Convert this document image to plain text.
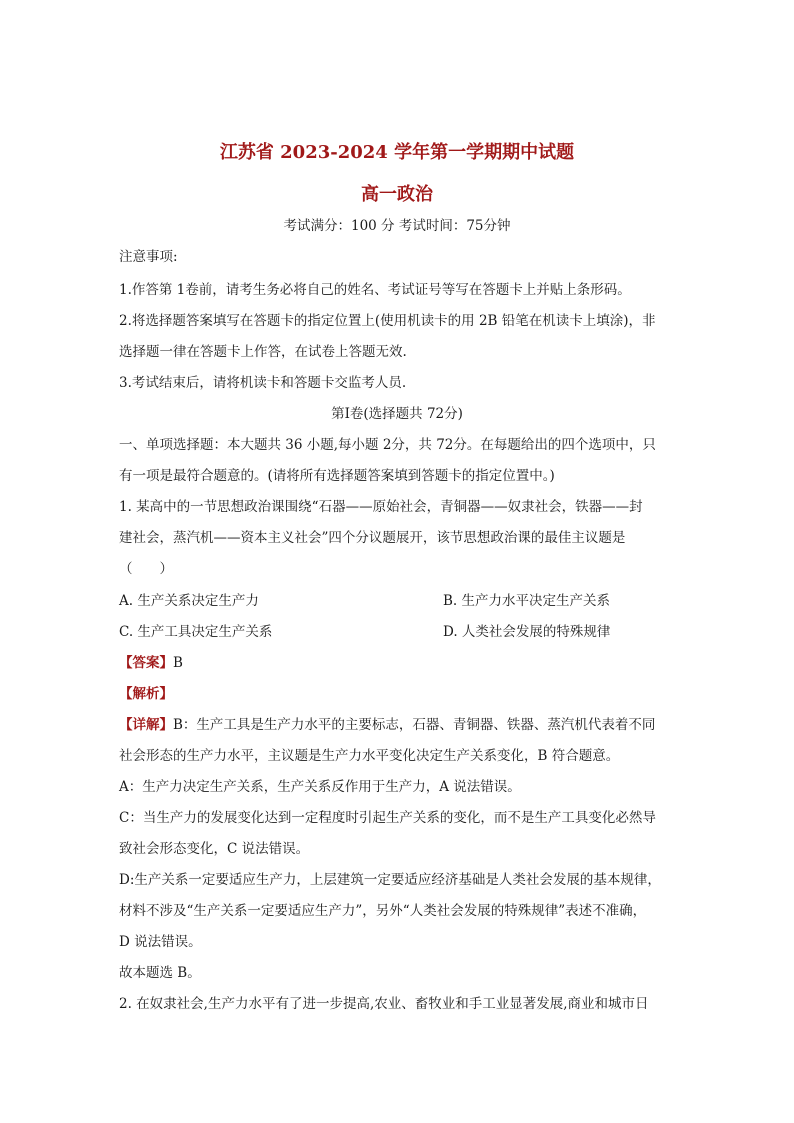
江苏省 2023-2024 学年第一学期期中试题
高一政治
考试满分：100 分 考试时间：75分钟
注意事项:
1.作答第 1卷前，请考生务必将自己的姓名、考试证号等写在答题卡上并贴上条形码。
2.将选择题答案填写在答题卡的指定位置上(使用机读卡的用 2B 铅笔在机读卡上填涂)，非
选择题一律在答题卡上作答，在试卷上答题无效.
3.考试结束后，请将机读卡和答题卡交监考人员.
第Ⅰ卷(选择题共 72分)
一、单项选择题：本大题共 36 小题,每小题 2分，共 72分。在每题给出的四个选项中，只
有一项是最符合题意的。(请将所有选择题答案填到答题卡的指定位置中。)
1. 某高中的一节思想政治课围绕“石器——原始社会，青铜器——奴隶社会，铁器——封
建社会，蒸汽机——资本主义社会”四个分议题展开，该节思想政治课的最佳主议题是
（　　）
A. 生产关系决定生产力	B. 生产力水平决定生产关系
C. 生产工具决定生产关系	D. 人类社会发展的特殊规律
【答案】B
【解析】
【详解】B：生产工具是生产力水平的主要标志，石器、青铜器、铁器、蒸汽机代表着不同
社会形态的生产力水平，主议题是生产力水平变化决定生产关系变化，B 符合题意。
A：生产力决定生产关系，生产关系反作用于生产力，A 说法错误。
C：当生产力的发展变化达到一定程度时引起生产关系的变化，而不是生产工具变化必然导
致社会形态变化，C 说法错误。
D:生产关系一定要适应生产力，上层建筑一定要适应经济基础是人类社会发展的基本规律，
材料不涉及“生产关系一定要适应生产力”，另外“人类社会发展的特殊规律”表述不准确，
D 说法错误。
故本题选 B。
2. 在奴隶社会,生产力水平有了进一步提高,农业、畜牧业和手工业显著发展,商业和城市日
